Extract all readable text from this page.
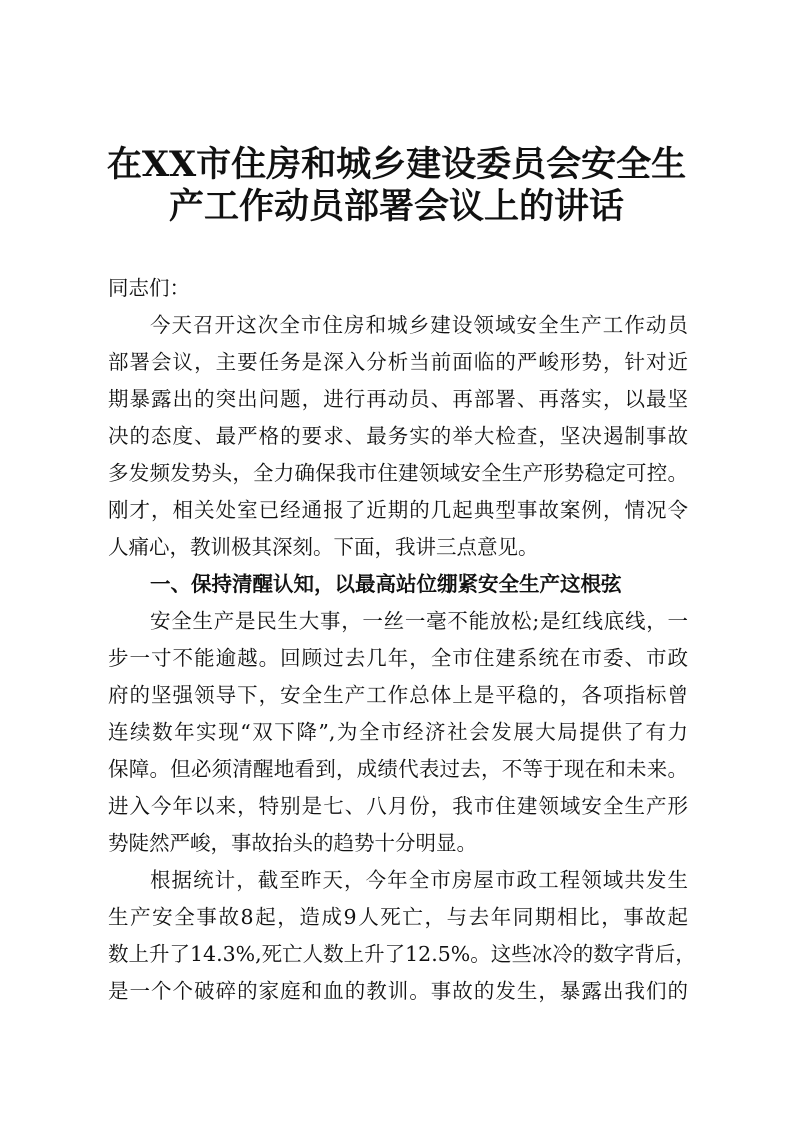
在XX市住房和城乡建设委员会安全生
产工作动员部署会议上的讲话
同志们：
今天召开这次全市住房和城乡建设领域安全生产工作动员
部署会议，主要任务是深入分析当前面临的严峻形势，针对近
期暴露出的突出问题，进行再动员、再部署、再落实，以最坚
决的态度、最严格的要求、最务实的举大检查，坚决遏制事故
多发频发势头，全力确保我市住建领域安全生产形势稳定可控。
刚才，相关处室已经通报了近期的几起典型事故案例，情况令
人痛心，教训极其深刻。下面，我讲三点意见。
一、保持清醒认知，以最高站位绷紧安全生产这根弦
安全生产是民生大事，一丝一毫不能放松;是红线底线，一
步一寸不能逾越。回顾过去几年，全市住建系统在市委、市政
府的坚强领导下，安全生产工作总体上是平稳的，各项指标曾
连续数年实现“双下降”,为全市经济社会发展大局提供了有力
保障。但必须清醒地看到，成绩代表过去，不等于现在和未来。
进入今年以来，特别是七、八月份，我市住建领域安全生产形
势陡然严峻，事故抬头的趋势十分明显。
根据统计，截至昨天，今年全市房屋市政工程领域共发生
生产安全事故8起，造成9人死亡，与去年同期相比，事故起
数上升了14.3%,死亡人数上升了12.5%。这些冰冷的数字背后，
是一个个破碎的家庭和血的教训。事故的发生，暴露出我们的
